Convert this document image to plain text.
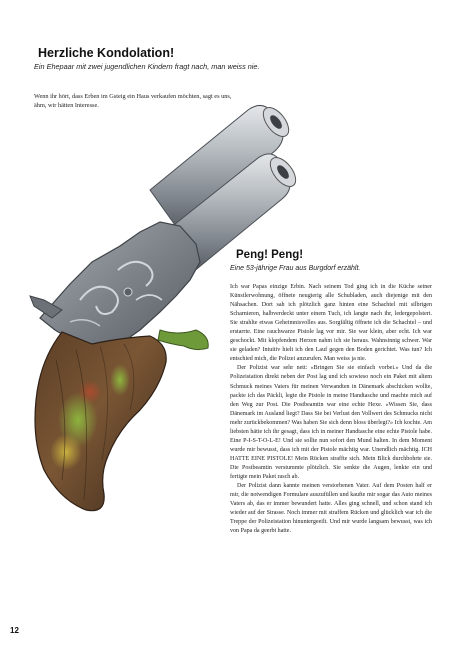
Herzliche Kondolation!

Ein Ehepaar mit zwei jugendlichen Kindern fragt nach, man weiss nie.

Wenn ihr hört, dass Erben im Gsteig ein Haus verkaufen möchten, sagt es uns, ähm, wir hätten Interesse.

Peng! Peng!

Eine 53-jährige Frau aus Burgdorf erzählt.

Ich war Papas einzige Erbin. Nach seinem Tod ging ich in die Küche seiner Künstlerwohnung, öffnete neugierig alle Schubladen, auch diejenige mit den Nähsachen. Dort sah ich plötzlich ganz hinten eine Schachtel mit silbrigen Scharnieren, halbverdeckt unter einem Tuch, ich langte nach ihr, ledergepolstert. Sie strahlte etwas Geheimnisvolles aus. Sorgfältig öffnete ich die Schachtel – und erstarrte. Eine rauchwarze Pistole lag vor mir. Sie war klein, aber echt. Ich war geschockt. Mit klopfendem Herzen nahm ich sie heraus. Wahnsinnig schwer. War sie geladen? Intuitiv hielt ich den Lauf gegen den Boden gerichtet. Was tun? Ich entschied mich, die Polizei anzurufen. Man weiss ja nie.

Der Polizist war sehr nett: «Bringen Sie sie einfach vorbei.» Und da die Polizeistation direkt neben der Post lag und ich sowieso noch ein Paket mit altem Schmuck meines Vaters für meinen Verwandten in Dänemark abschicken wollte, packte ich das Päckli, legte die Pistole in meine Handtasche und machte mich auf den Weg zur Post. Die Postbeamtin war eine echte Hexe. «Wissen Sie, dass Dänemark im Ausland liegt? Dass Sie bei Verlust den Vollwert des Schmucks nicht mehr zurückbekommen? Was haben Sie sich denn bloss überlegt?» Ich kochte. Am liebsten hätte ich ihr gesagt, dass ich in meiner Handtasche eine echte Pistole habe. Eine P-I-S-T-O-L-E! Und sie sollte nun sofort den Mund halten. In dem Moment wurde mir bewusst, dass ich mit der Pistole mächtig war. Unendlich mächtig. ICH HATTE EINE PISTOLE! Mein Rücken straffte sich. Mein Blick durchbohrte sie. Die Postbeamtin verstummte plötzlich. Sie senkte die Augen, lenkte ein und fertigte mein Paket rasch ab.

Der Polizist dann kannte meinen verstorbenen Vater. Auf dem Posten half er mir, die notwendigen Formulare auszufüllen und kaufte mir sogar das Auto meines Vaters ab, das er immer bewundert hatte. Alles ging schnell, und schon stand ich wieder auf der Strasse. Noch immer mit straffem Rücken und glücklich war ich die Treppe der Polizeistation hinuntergeeilt. Und mir wurde langsam bewusst, was ich von Papa da geerbt hatte.

12
